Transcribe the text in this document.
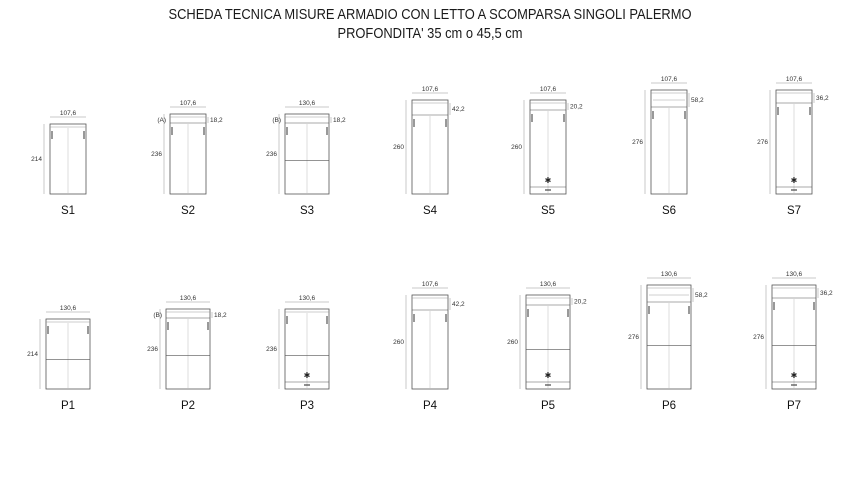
SCHEDA TECNICA MISURE ARMADIO CON LETTO A SCOMPARSA SINGOLI PALERMO
PROFONDITA' 35 cm o 45,5 cm
107,6
214
S1
18,2
107,6
236
(A)
S2
18,2
130,6
236
(B)
S3
42,2
107,6
260
S4
20,2
✱
107,6
260
S5
58,2
107,6
276
S6
36,2
✱
107,6
276
S7
130,6
214
P1
18,2
130,6
236
(B)
P2
✱
130,6
236
P3
42,2
107,6
260
P4
20,2
✱
130,6
260
P5
58,2
130,6
276
P6
36,2
✱
130,6
276
P7
